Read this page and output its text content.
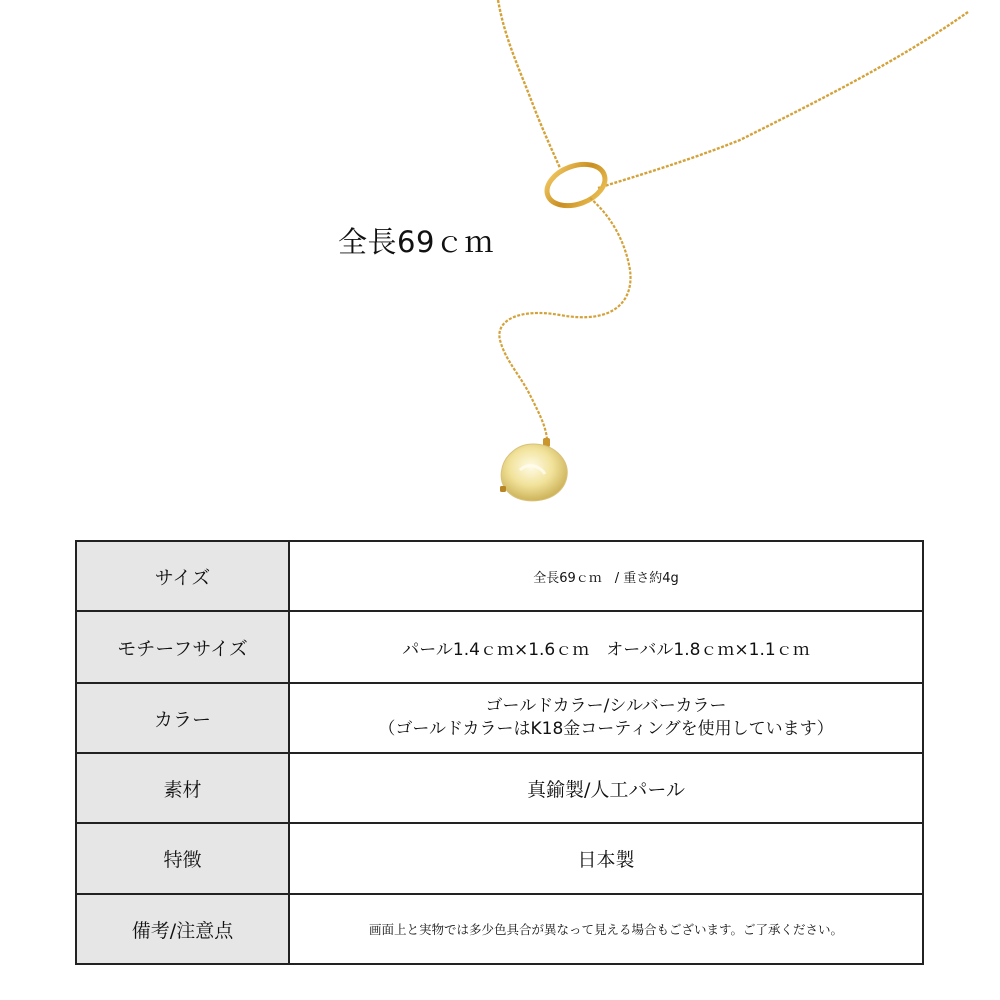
全長69ｃｍ
サイズ	全長69ｃｍ　/ 重さ約4g
モチーフサイズ	パール1.4ｃｍ×1.6ｃｍ　オーバル1.8ｃｍ×1.1ｃｍ
カラー	ゴールドカラー/シルバーカラー
（ゴールドカラーはK18金コーティングを使用しています）

素材	真鍮製/人工パール
特徴	日本製
備考/注意点	画面上と実物では多少色具合が異なって見える場合もございます。ご了承ください。
